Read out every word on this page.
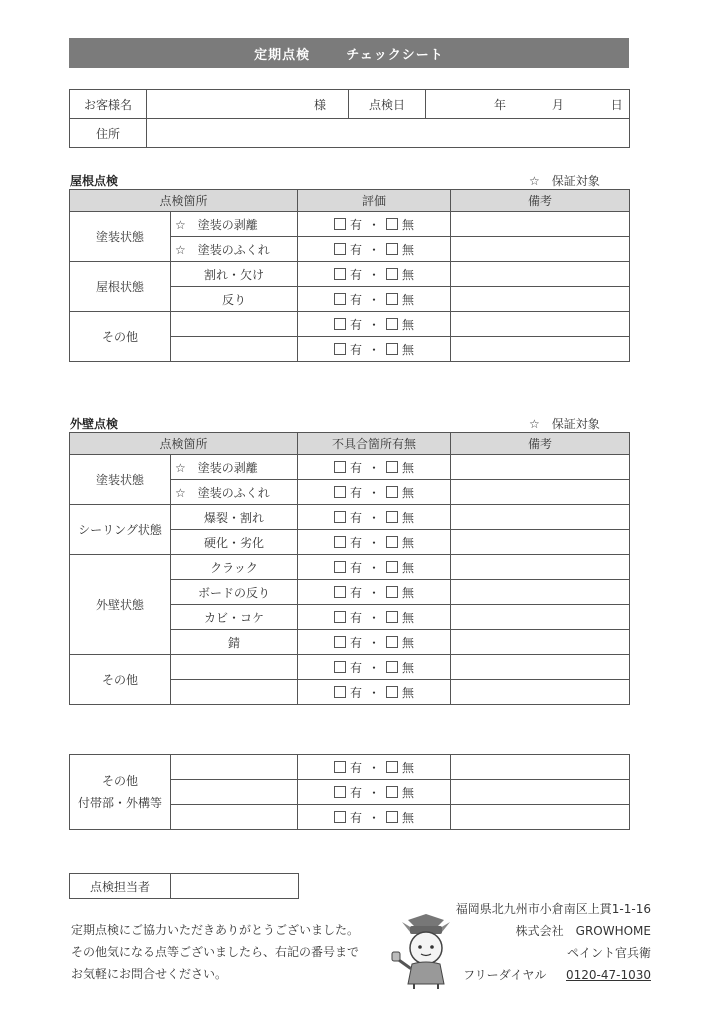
定期点検	チェックシート
お客様名	様	点検日	年 月 日
住所			
屋根点検	☆　保証対象
点検箇所		評価	備考
塗装状態	☆　塗装の剥離	有 ・ 無	
	☆　塗装のふくれ	有 ・ 無	
屋根状態	割れ・欠け	有 ・ 無	
	反り	有 ・ 無	
その他		有 ・ 無	
		有 ・ 無	
外壁点検	☆　保証対象
点検箇所		不具合箇所有無	備考
塗装状態	☆　塗装の剥離	有 ・ 無	
	☆　塗装のふくれ	有 ・ 無	
シーリング状態	爆裂・割れ	有 ・ 無	
	硬化・劣化	有 ・ 無	
外壁状態	クラック	有 ・ 無	
	ボードの反り	有 ・ 無	
	カビ・コケ	有 ・ 無	
	錆	有 ・ 無	
その他		有 ・ 無	
		有 ・ 無	
その他
付帯部・外構等		有 ・ 無	
		有 ・ 無	
		有 ・ 無	
点検担当者	
定期点検にご協力いただきありがとうございました。
その他気になる点等ございましたら、右記の番号まで
お気軽にお問合せください。
福岡県北九州市小倉南区上貫1-1-16
株式会社　GROWHOME
ペイント官兵衛
フリーダイヤル 0120-47-1030
